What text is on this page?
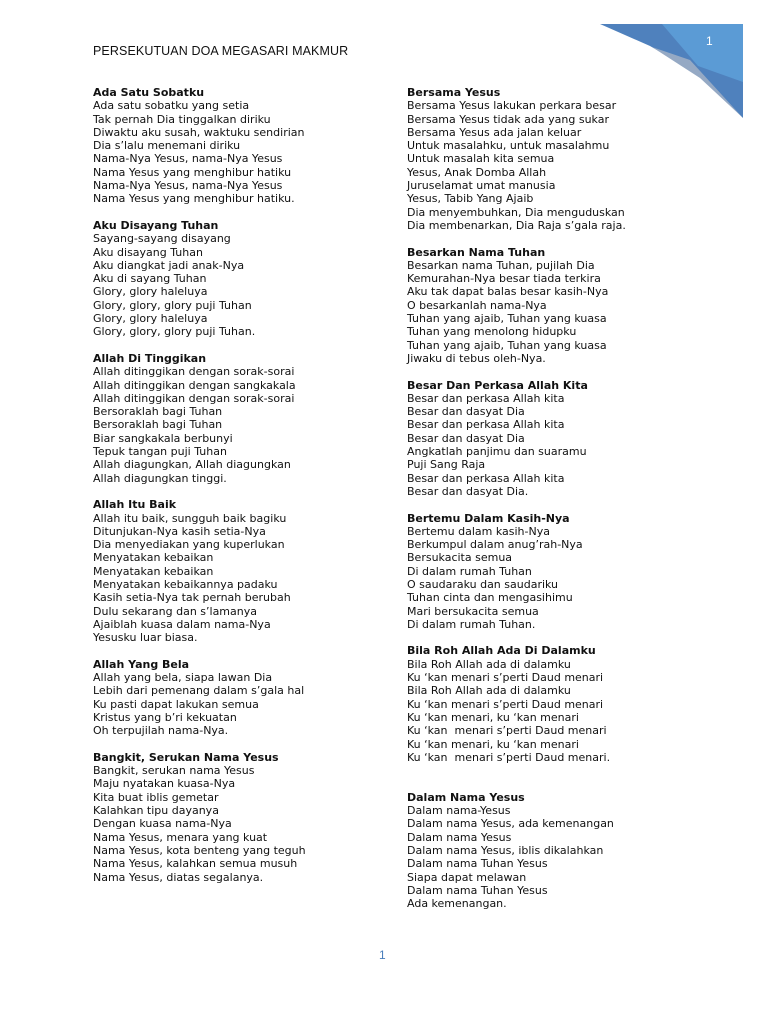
1
PERSEKUTUAN DOA MEGASARI MAKMUR
Ada Satu Sobatku
Ada satu sobatku yang setia
Tak pernah Dia tinggalkan diriku
Diwaktu aku susah, waktuku sendirian
Dia s’lalu menemani diriku
Nama-Nya Yesus, nama-Nya Yesus
Nama Yesus yang menghibur hatiku
Nama-Nya Yesus, nama-Nya Yesus
Nama Yesus yang menghibur hatiku.
Aku Disayang Tuhan
Sayang-sayang disayang
Aku disayang Tuhan
Aku diangkat jadi anak-Nya
Aku di sayang Tuhan
Glory, glory haleluya
Glory, glory, glory puji Tuhan
Glory, glory haleluya
Glory, glory, glory puji Tuhan.
Allah Di Tinggikan
Allah ditinggikan dengan sorak-sorai
Allah ditinggikan dengan sangkakala
Allah ditinggikan dengan sorak-sorai
Bersoraklah bagi Tuhan
Bersoraklah bagi Tuhan
Biar sangkakala berbunyi
Tepuk tangan puji Tuhan
Allah diagungkan, Allah diagungkan
Allah diagungkan tinggi.
Allah Itu Baik
Allah itu baik, sungguh baik bagiku
Ditunjukan-Nya kasih setia-Nya
Dia menyediakan yang kuperlukan
Menyatakan kebaikan
Menyatakan kebaikan
Menyatakan kebaikannya padaku
Kasih setia-Nya tak pernah berubah
Dulu sekarang dan s’lamanya
Ajaiblah kuasa dalam nama-Nya
Yesusku luar biasa.
Allah Yang Bela
Allah yang bela, siapa lawan Dia
Lebih dari pemenang dalam s’gala hal
Ku pasti dapat lakukan semua
Kristus yang b’ri kekuatan
Oh terpujilah nama-Nya.
Bangkit, Serukan Nama Yesus
Bangkit, serukan nama Yesus
Maju nyatakan kuasa-Nya
Kita buat iblis gemetar
Kalahkan tipu dayanya
Dengan kuasa nama-Nya
Nama Yesus, menara yang kuat
Nama Yesus, kota benteng yang teguh
Nama Yesus, kalahkan semua musuh
Nama Yesus, diatas segalanya.
Bersama Yesus
Bersama Yesus lakukan perkara besar
Bersama Yesus tidak ada yang sukar
Bersama Yesus ada jalan keluar
Untuk masalahku, untuk masalahmu
Untuk masalah kita semua
Yesus, Anak Domba Allah
Juruselamat umat manusia
Yesus, Tabib Yang Ajaib
Dia menyembuhkan, Dia menguduskan
Dia membenarkan, Dia Raja s’gala raja.
Besarkan Nama Tuhan
Besarkan nama Tuhan, pujilah Dia
Kemurahan-Nya besar tiada terkira
Aku tak dapat balas besar kasih-Nya
O besarkanlah nama-Nya
Tuhan yang ajaib, Tuhan yang kuasa
Tuhan yang menolong hidupku
Tuhan yang ajaib, Tuhan yang kuasa
Jiwaku di tebus oleh-Nya.
Besar Dan Perkasa Allah Kita
Besar dan perkasa Allah kita
Besar dan dasyat Dia
Besar dan perkasa Allah kita
Besar dan dasyat Dia
Angkatlah panjimu dan suaramu
Puji Sang Raja
Besar dan perkasa Allah kita
Besar dan dasyat Dia.
Bertemu Dalam Kasih-Nya
Bertemu dalam kasih-Nya
Berkumpul dalam anug’rah-Nya
Bersukacita semua
Di dalam rumah Tuhan
O saudaraku dan saudariku
Tuhan cinta dan mengasihimu
Mari bersukacita semua
Di dalam rumah Tuhan.
Bila Roh Allah Ada Di Dalamku
Bila Roh Allah ada di dalamku
Ku ‘kan menari s’perti Daud menari
Bila Roh Allah ada di dalamku
Ku ‘kan menari s’perti Daud menari
Ku ‘kan menari, ku ‘kan menari
Ku ‘kan  menari s’perti Daud menari
Ku ‘kan menari, ku ‘kan menari
Ku ‘kan  menari s’perti Daud menari.
Dalam Nama Yesus
Dalam nama-Yesus
Dalam nama Yesus, ada kemenangan
Dalam nama Yesus
Dalam nama Yesus, iblis dikalahkan
Dalam nama Tuhan Yesus
Siapa dapat melawan
Dalam nama Tuhan Yesus
Ada kemenangan.
1
